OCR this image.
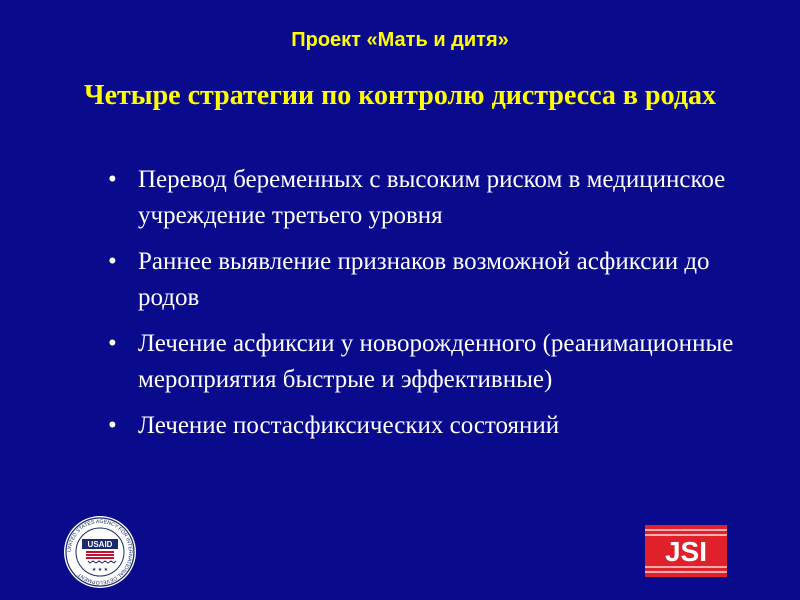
Проект «Мать и дитя»
Четыре стратегии по контролю дистресса в родах
• Перевод беременных с высоким риском в медицинское учреждение третьего уровня
• Раннее выявление признаков возможной асфиксии до родов
• Лечение асфиксии у новорожденного (реанимационные мероприятия быстрые и эффективные)
• Лечение постасфиксических состояний
UNITED STATES AGENCY FOR INTERNATIONAL DEVELOPMENT
USAID
★ ★ ★
JSI
